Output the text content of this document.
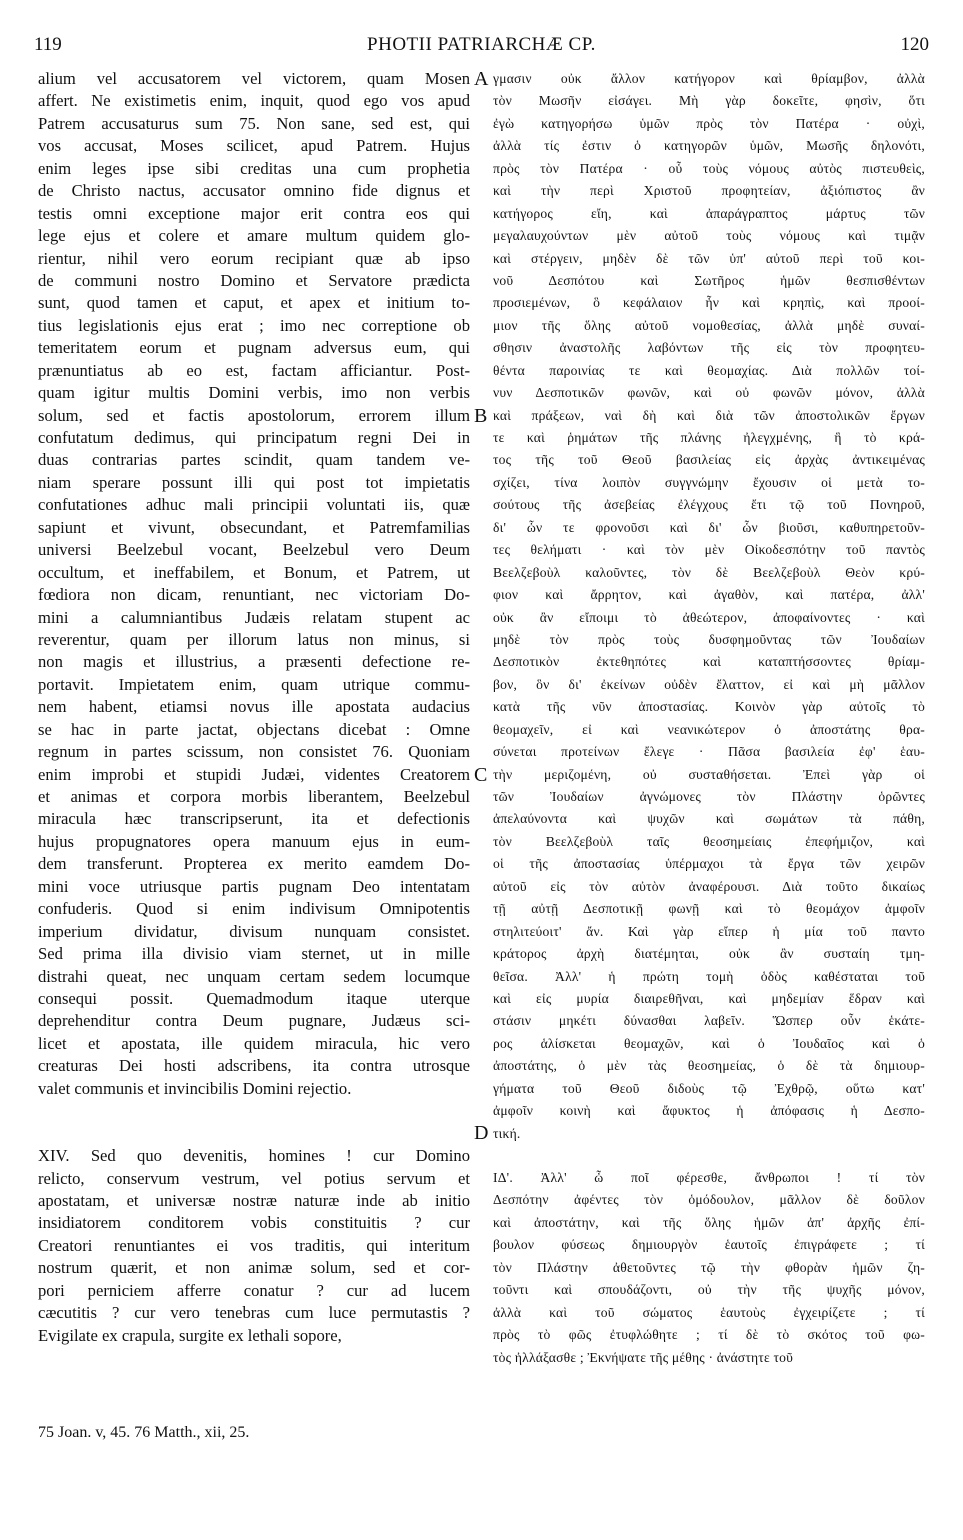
119	PHOTII PATRIARCHÆ CP.	120
alium vel accusatorem vel victorem, quam Mosen
affert. Ne existimetis enim, inquit, quod ego vos apud
Patrem accusaturus sum 75. Non sane, sed est, qui
vos accusat, Moses scilicet, apud Patrem. Hujus
enim leges ipse sibi creditas una cum prophetia
de Christo nactus, accusator omnino fide dignus et
testis omni exceptione major erit contra eos qui
lege ejus et colere et amare multum quidem glo-
rientur, nihil vero eorum recipiant quæ ab ipso
de communi nostro Domino et Servatore prædicta
sunt, quod tamen et caput, et apex et initium to-
tius legislationis ejus erat ; imo nec correptione ob
temeritatem eorum et pugnam adversus eum, qui
prænuntiatus ab eo est, factam afficiantur. Post-
quam igitur multis Domini verbis, imo non verbis
solum, sed et factis apostolorum, errorem illum
confutatum dedimus, qui principatum regni Dei in
duas contrarias partes scindit, quam tandem ve-
niam sperare possunt illi qui post tot impietatis
confutationes adhuc mali principii voluntati iis, quæ
sapiunt et vivunt, obsecundant, et Patremfamilias
universi Beelzebul vocant, Beelzebul vero Deum
occultum, et ineffabilem, et Bonum, et Patrem, ut
fœdiora non dicam, renuntiant, nec victoriam Do-
mini a calumniantibus Judæis relatam stupent ac
reverentur, quam per illorum latus non minus, si
non magis et illustrius, a præsenti defectione re-
portavit. Impietatem enim, quam utrique commu-
nem habent, etiamsi novus ille apostata audacius
se hac in parte jactat, objectans dicebat : Omne
regnum in partes scissum, non consistet 76. Quoniam
enim improbi et stupidi Judæi, videntes Creatorem
et animas et corpora morbis liberantem, Beelzebul
miracula hæc transcripserunt, ita et defectionis
hujus propugnatores opera manuum ejus in eum-
dem transferunt. Propterea ex merito eamdem Do-
mini voce utriusque partis pugnam Deo intentatam
confuderis. Quod si enim indivisum Omnipotentis
imperium dividatur, divisum nunquam consistet.
Sed prima illa divisio viam sternet, ut in mille
distrahi queat, nec unquam certam sedem locumque
consequi possit. Quemadmodum itaque uterque
deprehenditur contra Deum pugnare, Judæus sci-
licet et apostata, ille quidem miracula, hic vero
creaturas Dei hosti adscribens, ita contra utrosque
valet communis et invincibilis Domini rejectio.
XIV. Sed quo devenitis, homines ! cur Domino
relicto, conservum vestrum, vel potius servum et
apostatam, et universæ nostræ naturæ inde ab initio
insidiatorem conditorem vobis constituitis ? cur
Creatori renuntiantes ei vos traditis, qui interitum
nostrum quærit, et non animæ solum, sed et cor-
pori perniciem afferre conatur ? cur ad lucem
cæcutitis ? cur vero tenebras cum luce permutastis ?
Evigilate ex crapula, surgite ex lethali sopore,
γμασιν οὐκ ἄλλον κατήγορον καὶ θρίαμβον, ἀλλὰ
τὸν Μωσῆν εἰσάγει. Μὴ γὰρ δοκεῖτε, φησὶν, ὅτι
ἐγὼ κατηγορήσω ὑμῶν πρὸς τὸν Πατέρα · οὐχὶ,
ἀλλὰ τίς ἐστιν ὁ κατηγορῶν ὑμῶν, Μωσῆς δηλονότι,
πρὸς τὸν Πατέρα · οὗ τοὺς νόμους αὐτὸς πιστευθεὶς,
καὶ τὴν περὶ Χριστοῦ προφητείαν, ἀξιόπιστος ἂν
κατήγορος εἴη, καὶ ἀπαράγραπτος μάρτυς τῶν
μεγαλαυχούντων μὲν αὐτοῦ τοὺς νόμους καὶ τιμᾷν
καὶ στέργειν, μηδὲν δὲ τῶν ὑπ' αὐτοῦ περὶ τοῦ κοι-
νοῦ Δεσπότου καὶ Σωτῆρος ἡμῶν θεσπισθέντων
προσιεμένων, ὃ κεφάλαιον ἦν καὶ κρηπὶς, καὶ προοί-
μιον τῆς ὅλης αὐτοῦ νομοθεσίας, ἀλλὰ μηδὲ συναί-
σθησιν ἀναστολῆς λαβόντων τῆς εἰς τὸν προφητευ-
θέντα παροινίας τε καὶ θεομαχίας. Διὰ πολλῶν τοί-
νυν Δεσποτικῶν φωνῶν, καὶ οὐ φωνῶν μόνον, ἀλλὰ
καὶ πράξεων, ναὶ δὴ καὶ διὰ τῶν ἀποστολικῶν ἔργων
τε καὶ ῥημάτων τῆς πλάνης ἠλεγχμένης, ἣ τὸ κρά-
τος τῆς τοῦ Θεοῦ βασιλείας εἰς ἀρχὰς ἀντικειμένας
σχίζει, τίνα λοιπὸν συγγνώμην ἔχουσιν οἱ μετὰ το-
σούτους τῆς ἀσεβείας ἐλέγχους ἔτι τῷ τοῦ Πονηροῦ,
δι' ὧν τε φρονοῦσι καὶ δι' ὧν βιοῦσι, καθυπηρετοῦν-
τες θελήματι · καὶ τὸν μὲν Οἰκοδεσπότην τοῦ παντὸς
Βεελζεβοὺλ καλοῦντες, τὸν δὲ Βεελζεβοὺλ Θεὸν κρύ-
φιον καὶ ἄρρητον, καὶ ἀγαθὸν, καὶ πατέρα, ἀλλ'
οὐκ ἂν εἴποιμι τὸ ἀθεώτερον, ἀποφαίνοντες · καὶ
μηδὲ τὸν πρὸς τοὺς δυσφημοῦντας τῶν Ἰουδαίων
Δεσποτικὸν ἐκτεθηπότες καὶ καταπτήσσοντες θρίαμ-
βον, ὃν δι' ἐκείνων οὐδὲν ἔλαττον, εἰ καὶ μὴ μᾶλλον
κατὰ τῆς νῦν ἀποστασίας. Κοινὸν γὰρ αὐτοῖς τὸ
θεομαχεῖν, εἰ καὶ νεανικώτερον ὁ ἀποστάτης θρα-
σύνεται προτείνων ἔλεγε · Πᾶσα βασιλεία ἐφ' ἑαυ-
τὴν μεριζομένη, οὐ συσταθήσεται. Ἐπεὶ γὰρ οἱ
τῶν Ἰουδαίων ἀγνώμονες τὸν Πλάστην ὁρῶντες
ἀπελαύνοντα καὶ ψυχῶν καὶ σωμάτων τὰ πάθη,
τὸν Βεελζεβοὺλ ταῖς θεοσημείαις ἐπεφήμιζον, καὶ
οἱ τῆς ἀποστασίας ὑπέρμαχοι τὰ ἔργα τῶν χειρῶν
αὐτοῦ εἰς τὸν αὐτὸν ἀναφέρουσι. Διὰ τοῦτο δικαίως
τῇ αὐτῇ Δεσποτικῇ φωνῇ καὶ τὸ θεομάχον ἀμφοῖν
στηλιτεύοιτ' ἄν. Καὶ γὰρ εἴπερ ἡ μία τοῦ παντο
κράτορος ἀρχὴ διατέμηται, οὐκ ἂν συσταίη τμη-
θεῖσα. Ἀλλ' ἡ πρώτη τομὴ ὁδὸς καθέσταται τοῦ
καὶ εἰς μυρία διαιρεθῆναι, καὶ μηδεμίαν ἕδραν καὶ
στάσιν μηκέτι δύνασθαι λαβεῖν. Ὥσπερ οὖν ἑκάτε-
ρος ἁλίσκεται θεομαχῶν, καὶ ὁ Ἰουδαῖος καὶ ὁ
ἀποστάτης, ὁ μὲν τὰς θεοσημείας, ὁ δὲ τὰ δημιουρ-
γήματα τοῦ Θεοῦ διδοὺς τῷ Ἐχθρῷ, οὕτω κατ'
ἀμφοῖν κοινὴ καὶ ἄφυκτος ἡ ἀπόφασις ἡ Δεσπο-
τική.
ΙΔ'. Ἀλλ' ὦ ποῖ φέρεσθε, ἄνθρωποι ! τί τὸν
Δεσπότην ἀφέντες τὸν ὁμόδουλον, μᾶλλον δὲ δοῦλον
καὶ ἀποστάτην, καὶ τῆς ὅλης ἡμῶν ἀπ' ἀρχῆς ἐπί-
βουλον φύσεως δημιουργὸν ἑαυτοῖς ἐπιγράφετε ; τί
τὸν Πλάστην ἀθετοῦντες τῷ τὴν φθορὰν ἡμῶν ζη-
τοῦντι καὶ σπουδάζοντι, οὐ τὴν τῆς ψυχῆς μόνον,
ἀλλὰ καὶ τοῦ σώματος ἑαυτοὺς ἐγχειρίζετε ; τί
πρὸς τὸ φῶς ἐτυφλώθητε ; τί δὲ τὸ σκότος τοῦ φω-
τὸς ἠλλάξασθε ; Ἐκνήψατε τῆς μέθης · ἀνάστητε τοῦ
A
B
C
D
75 Joan. v, 45. 76 Matth., xii, 25.
